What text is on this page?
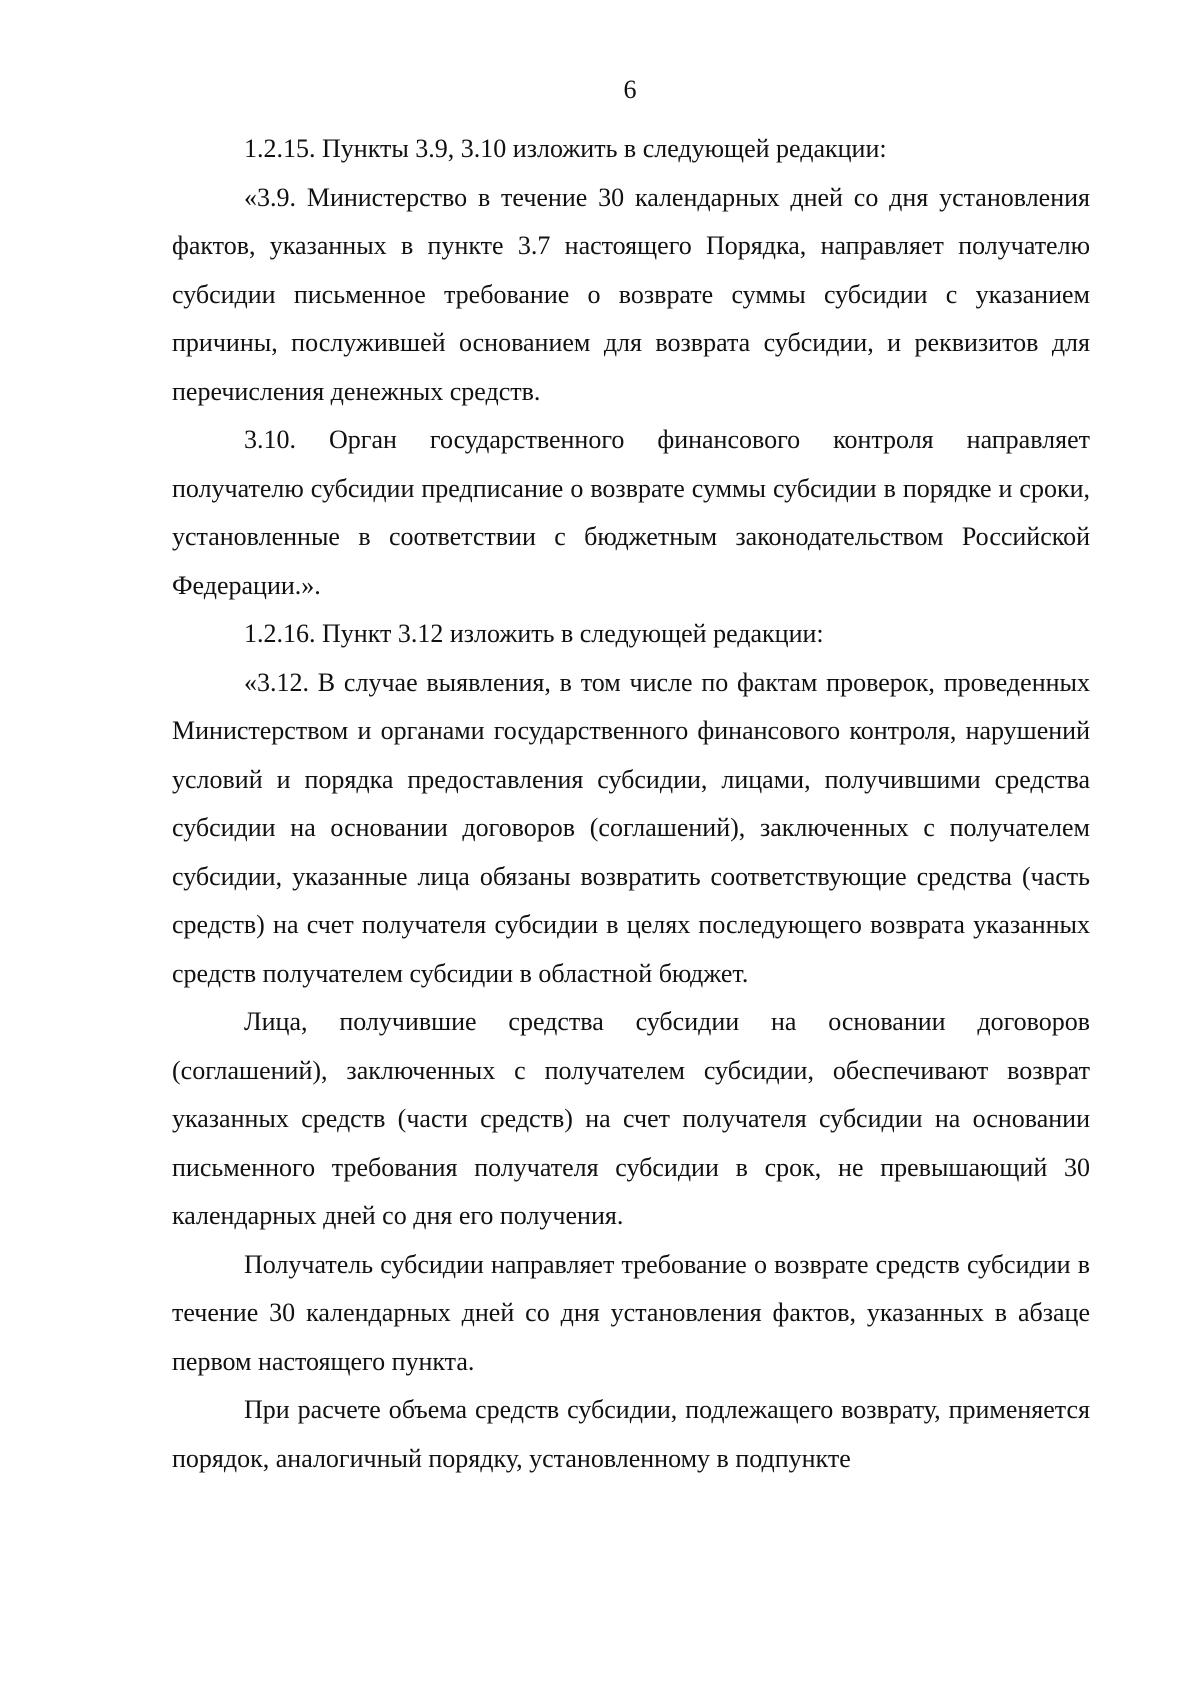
6

1.2.15. Пункты 3.9, 3.10 изложить в следующей редакции:

«3.9. Министерство в течение 30 календарных дней со дня установления фактов, указанных в пункте 3.7 настоящего Порядка, направляет получателю субсидии письменное требование о возврате суммы субсидии с указанием причины, послужившей основанием для возврата субсидии, и реквизитов для перечисления денежных средств.

3.10. Орган государственного финансового контроля направляет получателю субсидии предписание о возврате суммы субсидии в порядке и сроки, установленные в соответствии с бюджетным законодательством Российской Федерации.».

1.2.16. Пункт 3.12 изложить в следующей редакции:

«3.12. В случае выявления, в том числе по фактам проверок, проведенных Министерством и органами государственного финансового контроля, нарушений условий и порядка предоставления субсидии, лицами, получившими средства субсидии на основании договоров (соглашений), заключенных с получателем субсидии, указанные лица обязаны возвратить соответствующие средства (часть средств) на счет получателя субсидии в целях последующего возврата указанных средств получателем субсидии в областной бюджет.

Лица, получившие средства субсидии на основании договоров (соглашений), заключенных с получателем субсидии, обеспечивают возврат указанных средств (части средств) на счет получателя субсидии на основании письменного требования получателя субсидии в срок, не превышающий 30 календарных дней со дня его получения.

Получатель субсидии направляет требование о возврате средств субсидии в течение 30 календарных дней со дня установления фактов, указанных в абзаце первом настоящего пункта.

При расчете объема средств субсидии, подлежащего возврату, применяется порядок, аналогичный порядку, установленному в подпункте
